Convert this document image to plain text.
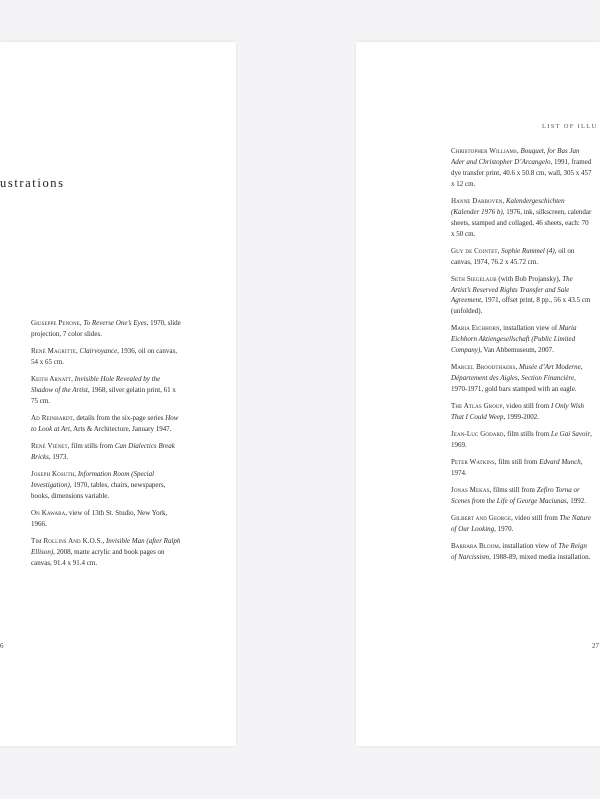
ustrations

Giuseppe Penone, To Reverse One’s Eyes, 1970, slide projection, 7 color slides.

René Magritte, Clairvoyance, 1936, oil on canvas, 54 x 65 cm.

Keith Arnatt, Invisible Hole Revealed by the Shadow of the Artist, 1968, silver gelatin print, 61 x 75 cm.

Ad Reinhardt, details from the six-page series How to Look at Art, Arts & Architecture, January 1947.

René Viénet, film stills from Can Dialectics Break Bricks, 1973.

Joseph Kosuth, Information Room (Special Investigation), 1970, tables, chairs, newspapers, books, dimensions variable.

On Kawara, view of 13th St. Studio, New York, 1966.

Tim Rollins And K.O.S., Invisible Man (after Ralph Ellison), 2008, matte acrylic and book pages on canvas, 91.4 x 91.4 cm.

6
LIST OF ILLU

Christopher Williams, Bouquet, for Bas Jan Ader and Christopher D’Arcangelo, 1991, framed dye transfer print, 40.6 x 50.8 cm, wall, 305 x 457 x 12 cm.

Hanne Darboven, Kalendergeschichten (Kalender 1976 b), 1976, ink, silkscreen, calendar sheets, stamped and collaged, 46 sheets, each: 70 x 50 cm.

Guy de Cointet, Sophie Rummel (4), oil on canvas, 1974, 76.2 x 45.72 cm.

Seth Siegelaub (with Bob Projansky), The Artist’s Reserved Rights Transfer and Sale Agreement, 1971, offset print, 8 pp., 56 x 43.5 cm (unfolded).

Maria Eichhorn, installation view of Maria Eichhorn Aktiengesellschaft (Public Limited Company), Van Abbemuseum, 2007.

Marcel Broodthaers, Musée d’Art Moderne, Département des Aigles, Section Financière, 1970-1971, gold bars stamped with an eagle.

The Atlas Group, video still from I Only Wish That I Could Weep, 1999-2002.

Jean-Luc Godard, film stills from Le Gai Savoir, 1969.

Peter Watkins, film still from Edvard Munch, 1974.

Jonas Mekas, films still from Zefiro Torna or Scenes from the Life of George Maciunas, 1992.

Gilbert and George, video still from The Nature of Our Looking, 1970.

Barbara Bloom, installation view of The Reign of Narcissism, 1988-89, mixed media installation.

27
